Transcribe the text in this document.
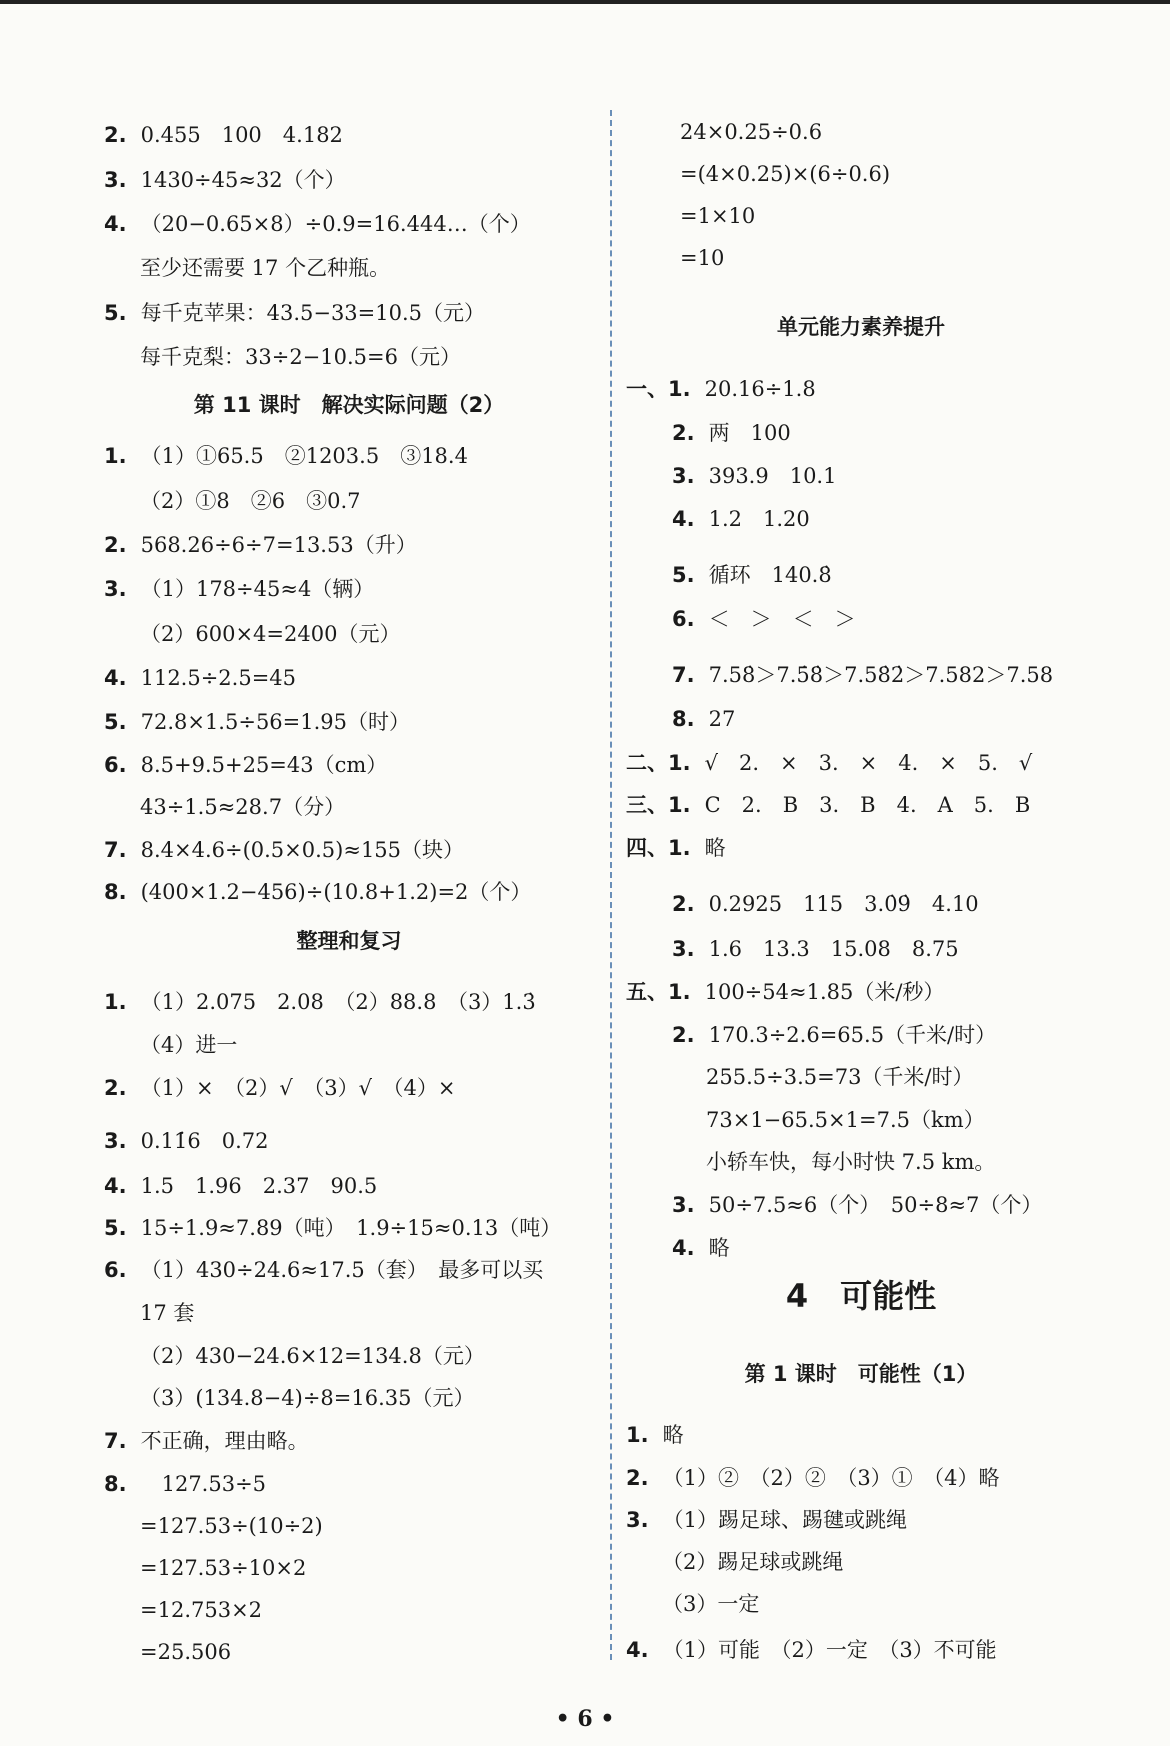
2. 0.455　100　4.182
3. 1430÷45≈32（个）
4. （20−0.65×8）÷0.9=16.444…（个）
至少还需要 17 个乙种瓶。
5. 每千克苹果：43.5−33=10.5（元）
每千克梨：33÷2−10.5=6（元）
1. （1）①65.5　②1203.5　③18.4
（2）①8　②6　③0.7
2. 568.26÷6÷7=13.53（升）
3. （1）178÷45≈4（辆）
（2）600×4=2400（元）
4. 112.5÷2.5=45
5. 72.8×1.5÷56=1.95（时）
6. 8.5+9.5+25=43（cm）
43÷1.5≈28.7（分）
7. 8.4×4.6÷(0.5×0.5)≈155（块）
8. (400×1.2−456)÷(10.8+1.2)=2（个）
1. （1）2.075　2.08　（2）88.8　（3）1.3̇
（4）进一
2. （1）×　（2）√　（3）√　（4）×
3. 0.11̇6　0.72
4. 1.5　1.96　2.37　90.5
5. 15÷1.9≈7.89（吨）　1.9÷15≈0.13（吨）
6. （1）430÷24.6≈17.5（套）　最多可以买
17 套
（2）430−24.6×12=134.8（元）
（3）(134.8−4)÷8=16.35（元）
7. 不正确，理由略。
8.　127.53÷5
=127.53÷(10÷2)
=127.53÷10×2
=12.753×2
=25.506
第 11 课时　解决实际问题（2）
整理和复习
24×0.25÷0.6
=(4×0.25)×(6÷0.6)
=1×10
=10
一、1. 20.16÷1.8
2. 两　100
3. 393.9　10.1
4. 1.2　1.20
5. 循环　140.8̇
6. ＜　＞　＜　＞
7. 7.58̇＞7.5̇8̇＞7.58̇2̇＞7.582＞7.58
8. 27
二、1. √　2.　×　3.　×　4.　×　5.　√
三、1. C　2.　B　3.　B　4.　A　5.　B
四、1. 略
2. 0.2925　115　3.0̇9̇　4.10
3. 1.6　13.3　15.08　8.75
五、1. 100÷54≈1.85（米/秒）
2. 170.3÷2.6=65.5（千米/时）
255.5÷3.5=73（千米/时）
73×1−65.5×1=7.5（km）
小轿车快，每小时快 7.5 km。
3. 50÷7.5≈6（个）　50÷8≈7（个）
4. 略
1. 略
2. （1）②　（2）②　（3）①　（4）略
3. （1）踢足球、踢毽或跳绳
（2）踢足球或跳绳
（3）一定
4. （1）可能　（2）一定　（3）不可能
单元能力素养提升
4　可能性
第 1 课时　可能性（1）
• 6 •
